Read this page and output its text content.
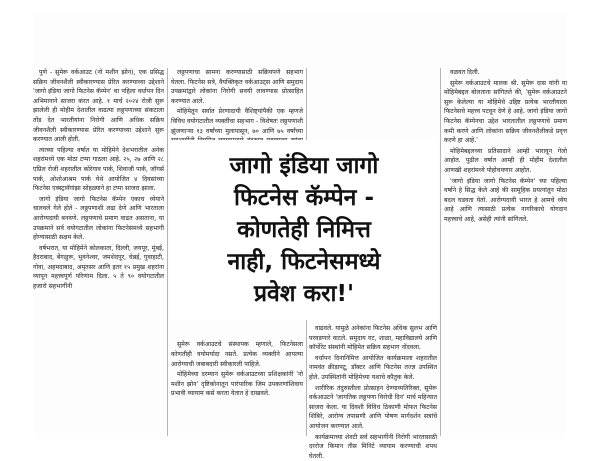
पुणे - सुमेरू वर्कआउट (नो मशीन झोन), एक प्रसिद्ध सक्रिय जीवनशैली स्वीकारण्यास प्रेरित करण्याच्या उद्देशाने 'जागो इंडिया जागो फिटनेस कॅम्पेन' चा पहिला वर्धापन दिन अभिमानाने साजरा करत आहे. १ मार्च २०२४ रोजी सुरू झालेली ही मोहीम देशातील वाढत्या लठ्ठपणाच्या संकटाला तोंड देत भारतीयांना निरोगी आणि अधिक सक्रिय जीवनशैली स्वीकारण्यास प्रेरित करण्याच्या उद्देशाने सुरू करण्यात आली होती.

त्याच्या पहिल्या वर्षात या मोहिमेने देशभरातील अनेक शहरांमध्ये एक मोठा टप्पा गाठला आहे. २५, २७ आणि २८ एप्रिल रोजी शहरातील कोरेगाव पार्क, शिवाजी पार्क, जॉगर्स पार्क, ओशोआश्रम पार्क येथे आयोजित ४ दिवसांच्या फिटनेस एक्स्ट्रावॅगांझा सोहळ्याने हा टप्पा साजरा झाला.

जागो इंडिया जागो फिटनेस कॅम्पेन एकाच ध्येयाने चालवले गेले होते - लठ्ठपणाशी लढा देणे आणि भारताला आरोग्यदायी बनवणे. लठ्ठपणाचे प्रमाण वाढत असताना, या उपक्रमाने सर्व वयोगटातील लोकांना फिटनेसमध्ये सहभागी होण्यासाठी सक्षम केले.

वर्षभरात, या मोहिमेने कोलकाता, दिल्ली, जयपूर, मुंबई, हैदराबाद, बेंगळुरू, भुवनेश्वर, जमशेदपूर, चेन्नई, गुवाहाटी, गोवा, अहमदाबाद, अमृतसर आणि इतर १५ प्रमुख शहरांना व्यापून महत्त्वपूर्ण परिणाम दिला. ५ ते ९० वयोगटातील हजारो सहभागींनी

लठ्ठपणाचा सामना करण्यासाठी सक्रियपणे सहभाग घेतला. फिटनेस सत्रे, वैयक्तिकृत वर्कआउट्स आणि समुदाय उपक्रमांद्वारे लोकांना निरोगी सवयी लावण्यास प्रोत्साहित करण्यात आले.

मोहिमेतून सर्वात प्रेरणादायी वैशिष्ट्यांपैकी एक म्हणजे विविध वयोगटातील व्यक्तींचा सहभाग - विशेषतः लठ्ठपणाशी झुंजणाऱ्या १३ वर्षांच्या मुलापासून, ७० आणि ७५ वर्षांच्या

सुमेरू वर्कआउटचे संस्थापक म्हणाले, फिटनेसला कोणतीही वयोमर्यादा नसते. प्रत्येक व्यक्तीने आपल्या आरोग्याची जबाबदारी स्वीकारली पाहिजे.

मोहिमेच्या दरम्यान सुमेरू वर्कआउटच्या प्रशिक्षकांनी 'नो मशीन झोन' दृष्टिकोनातून पारंपारिक जिम उपकरणांशिवाय प्रभावी व्यायाम कसे करता येतात हे दाखवले.

वाढवले. यामुळे अनेकांना फिटनेस अधिक सुलभ आणि परवडणारे वाटले. समुदाय गट, शाळा, महाविद्यालये आणि कॉर्पोरेट संस्थांनी मोहिमेत सक्रिय सहभाग नोंदवला.

वर्धापन दिनानिमित्त आयोजित कार्यक्रमाला शहरातील नामवंत क्रीडापटू, डॉक्टर आणि फिटनेस तज्ज्ञ उपस्थित होते. उपस्थितांनी मोहिमेच्या यशाचे कौतुक केले.

शारीरिक तंदुरुस्तीला प्रोत्साहन देण्याव्यतिरिक्त, सुमेरू वर्कआउटने 'जागतिक लठ्ठपणा विरोधी दिन' मार्च महिन्यात साजरा केला. या दिवशी विविध ठिकाणी मोफत फिटनेस शिबिरे, आरोग्य तपासणी आणि पोषण मार्गदर्शन सत्रांचे आयोजन करण्यात आले.

कार्यक्रमाच्या शेवटी सर्व सहभागींनी निरोगी भारतासाठी दररोज किमान तीस मिनिटे व्यायाम करण्याची शपथ घेतली.

वळवत दिली.

सुमेरू वर्कआउटचे मालक श्री. सुमेरू दास यांनी या मोहिमेबद्दल बोलताना सांगितले की, 'सुमेरू वर्कआउटने सुरू केलेल्या या मोहिमेचे उद्दिष्ट प्रत्येक भारतीयाला फिटनेसचे महत्त्व पटवून देणे हे आहे. जागो इंडिया जागो फिटनेस कॅम्पेनचा उद्देश भारतातील लठ्ठपणाचे प्रमाण कमी करणे आणि लोकांना सक्रिय जीवनशैलीकडे प्रवृत्त करणे हा आहे.'

मोहिमेबद्दलच्या प्रतिसादाने आम्ही भारावून गेलो आहोत. पुढील वर्षात आम्ही ही मोहीम देशातील आणखी शहरांमध्ये पोहोचवणार आहोत.

'जागो इंडिया जागो फिटनेस कॅम्पेन' च्या पहिल्या वर्षाने हे सिद्ध केले आहे की सामूहिक प्रयत्नांतून मोठा बदल घडवता येतो. आरोग्यदायी भारत हे आमचे ध्येय आहे आणि त्यासाठी प्रत्येक नागरिकाचे योगदान महत्त्वाचे आहे, असेही त्यांनी सांगितले.

जागो इंडिया जागो
फिटनेस कॅम्पेन -
कोणतेही निमित्त
नाही, फिटनेसमध्ये
प्रवेश करा!'
